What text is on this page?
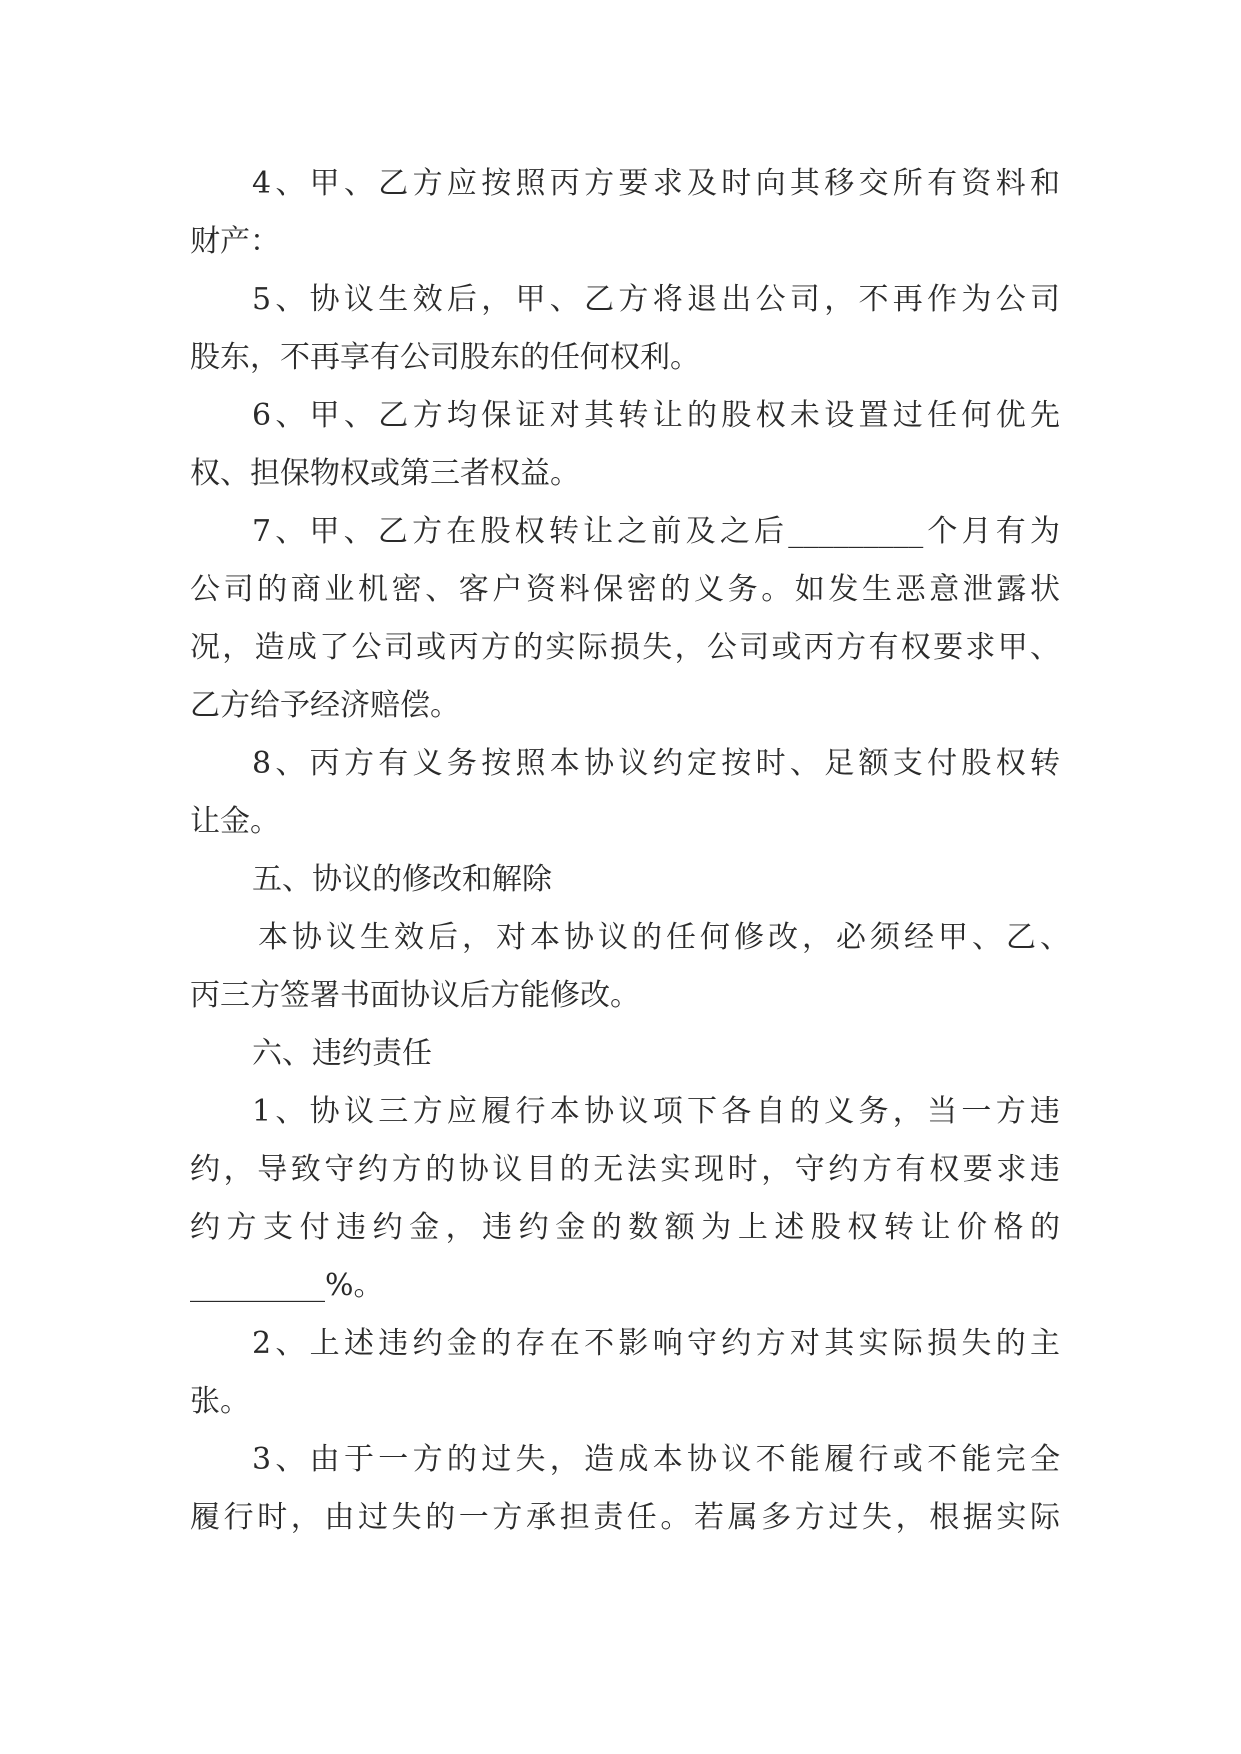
4、甲、乙方应按照丙方要求及时向其移交所有资料和
财产：
5、协议生效后，甲、乙方将退出公司，不再作为公司
股东，不再享有公司股东的任何权利。
6、甲、乙方均保证对其转让的股权未设置过任何优先
权、担保物权或第三者权益。
7、甲、乙方在股权转让之前及之后_________个月有为
公司的商业机密、客户资料保密的义务。如发生恶意泄露状
况，造成了公司或丙方的实际损失，公司或丙方有权要求甲、
乙方给予经济赔偿。
8、丙方有义务按照本协议约定按时、足额支付股权转
让金。
五、协议的修改和解除
本协议生效后，对本协议的任何修改，必须经甲、乙、
丙三方签署书面协议后方能修改。
六、违约责任
1、协议三方应履行本协议项下各自的义务，当一方违
约，导致守约方的协议目的无法实现时，守约方有权要求违
约方支付违约金，违约金的数额为上述股权转让价格的
_________%。
2、上述违约金的存在不影响守约方对其实际损失的主
张。
3、由于一方的过失，造成本协议不能履行或不能完全
履行时，由过失的一方承担责任。若属多方过失，根据实际
